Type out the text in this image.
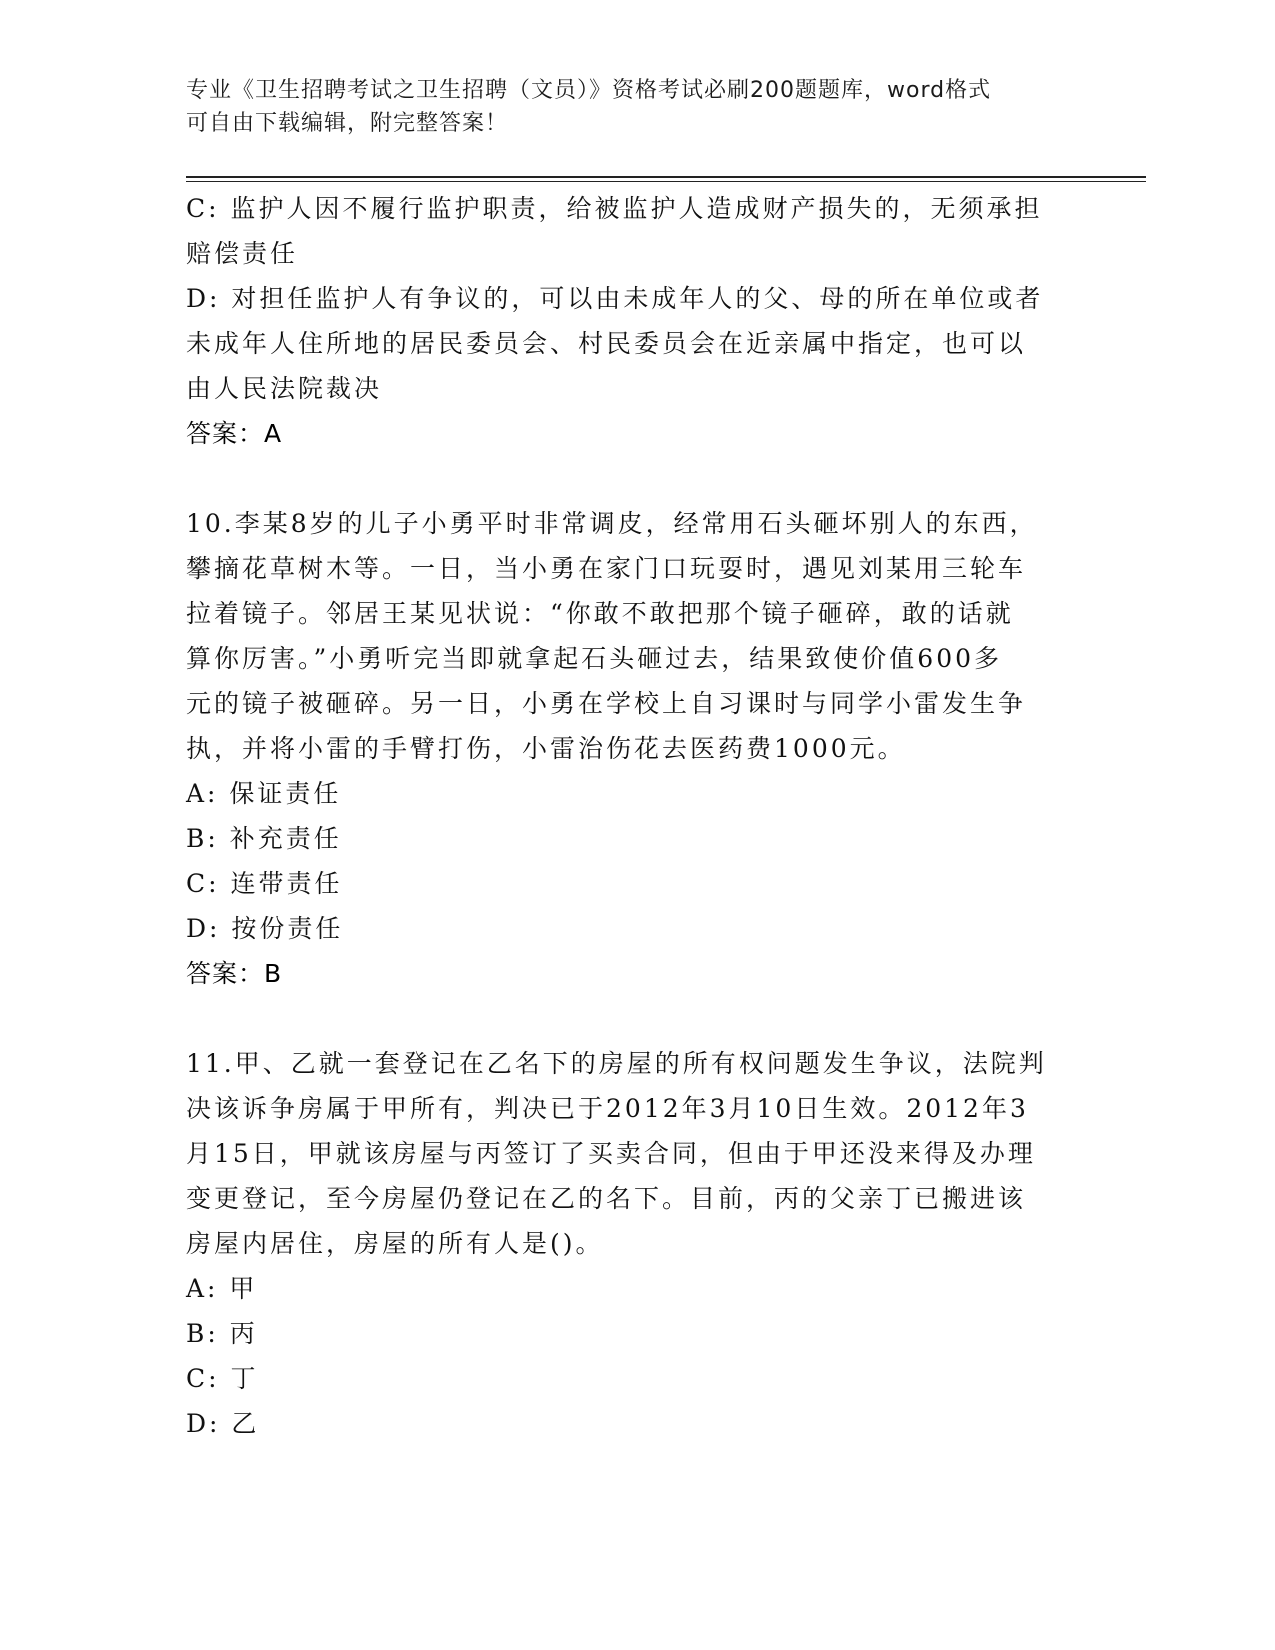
专业《卫生招聘考试之卫生招聘（文员）》资格考试必刷200题题库，word格式
可自由下载编辑，附完整答案！
C: 监护人因不履行监护职责，给被监护人造成财产损失的，无须承担
赔偿责任
D: 对担任监护人有争议的，可以由未成年人的父、母的所在单位或者
未成年人住所地的居民委员会、村民委员会在近亲属中指定，也可以
由人民法院裁决
答案：A
10.李某8岁的儿子小勇平时非常调皮，经常用石头砸坏别人的东西，
攀摘花草树木等。一日，当小勇在家门口玩耍时，遇见刘某用三轮车
拉着镜子。邻居王某见状说：“你敢不敢把那个镜子砸碎，敢的话就
算你厉害。”小勇听完当即就拿起石头砸过去，结果致使价值600多
元的镜子被砸碎。另一日，小勇在学校上自习课时与同学小雷发生争
执，并将小雷的手臂打伤，小雷治伤花去医药费1000元。
A: 保证责任
B: 补充责任
C: 连带责任
D: 按份责任
答案：B
11.甲、乙就一套登记在乙名下的房屋的所有权问题发生争议，法院判
决该诉争房属于甲所有，判决已于2012年3月10日生效。2012年3
月15日，甲就该房屋与丙签订了买卖合同，但由于甲还没来得及办理
变更登记，至今房屋仍登记在乙的名下。目前，丙的父亲丁已搬进该
房屋内居住，房屋的所有人是()。
A: 甲
B: 丙
C: 丁
D: 乙
